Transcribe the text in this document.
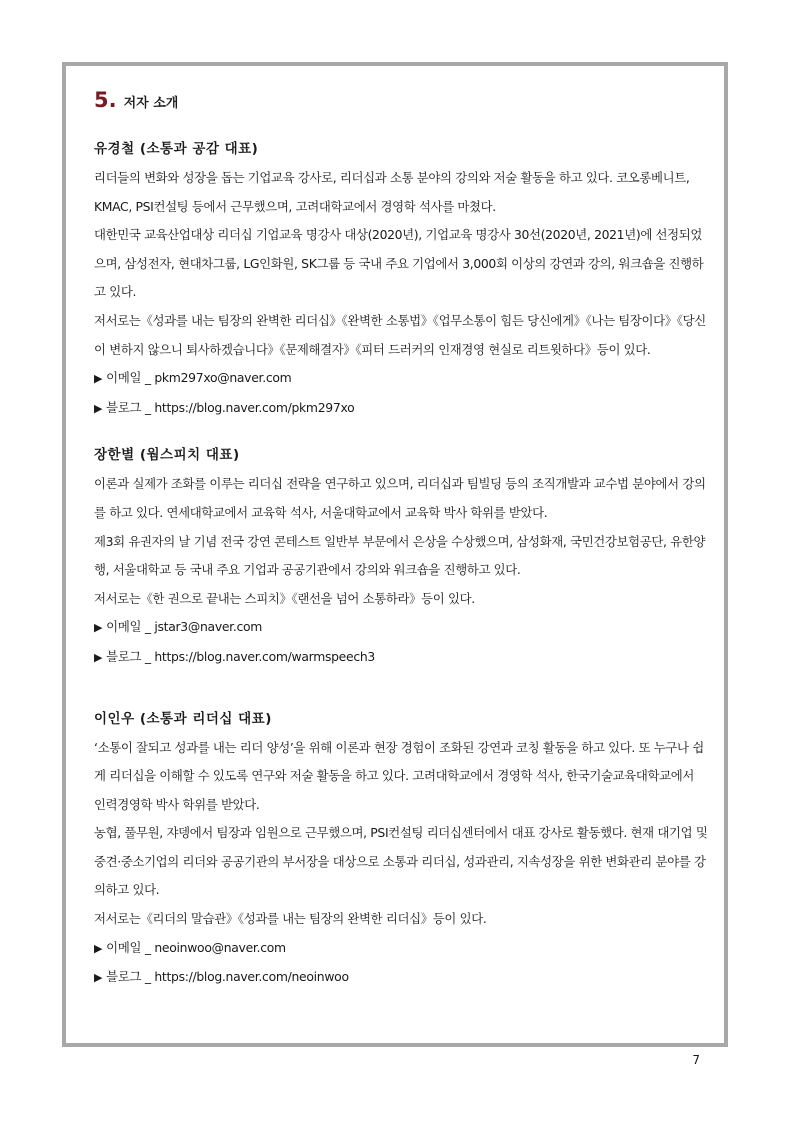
5. 저자 소개
유경철 (소통과 공감 대표)

리더들의 변화와 성장을 돕는 기업교육 강사로, 리더십과 소통 분야의 강의와 저술 활동을 하고 있다. 코오롱베니트, KMAC, PSI컨설팅 등에서 근무했으며, 고려대학교에서 경영학 석사를 마쳤다.

대한민국 교육산업대상 리더십 기업교육 명강사 대상(2020년), 기업교육 명강사 30선(2020년, 2021년)에 선정되었으며, 삼성전자, 현대차그룹, LG인화원, SK그룹 등 국내 주요 기업에서 3,000회 이상의 강연과 강의, 워크숍을 진행하고 있다.

저서로는《성과를 내는 팀장의 완벽한 리더십》《완벽한 소통법》《업무소통이 힘든 당신에게》《나는 팀장이다》《당신이 변하지 않으니 퇴사하겠습니다》《문제해결자》《피터 드러커의 인재경영 현실로 리트윗하다》등이 있다.

▶ 이메일 _ pkm297xo@naver.com
▶ 블로그 _ https://blog.naver.com/pkm297xo
장한별 (웜스피치 대표)

이론과 실제가 조화를 이루는 리더십 전략을 연구하고 있으며, 리더십과 팀빌딩 등의 조직개발과 교수법 분야에서 강의를 하고 있다. 연세대학교에서 교육학 석사, 서울대학교에서 교육학 박사 학위를 받았다.

제3회 유권자의 날 기념 전국 강연 콘테스트 일반부 부문에서 은상을 수상했으며, 삼성화재, 국민건강보험공단, 유한양행, 서울대학교 등 국내 주요 기업과 공공기관에서 강의와 워크숍을 진행하고 있다.

저서로는《한 권으로 끝내는 스피치》《랜선을 넘어 소통하라》등이 있다.

▶ 이메일 _ jstar3@naver.com
▶ 블로그 _ https://blog.naver.com/warmspeech3
이인우 (소통과 리더십 대표)

‘소통이 잘되고 성과를 내는 리더 양성’을 위해 이론과 현장 경험이 조화된 강연과 코칭 활동을 하고 있다. 또 누구나 쉽게 리더십을 이해할 수 있도록 연구와 저술 활동을 하고 있다. 고려대학교에서 경영학 석사, 한국기술교육대학교에서 인력경영학 박사 학위를 받았다.

농협, 풀무원, 쟈뎅에서 팀장과 임원으로 근무했으며, PSI컨설팅 리더십센터에서 대표 강사로 활동했다. 현재 대기업 및 중견·중소기업의 리더와 공공기관의 부서장을 대상으로 소통과 리더십, 성과관리, 지속성장을 위한 변화관리 분야를 강의하고 있다.

저서로는《리더의 말습관》《성과를 내는 팀장의 완벽한 리더십》등이 있다.

▶ 이메일 _ neoinwoo@naver.com
▶ 블로그 _ https://blog.naver.com/neoinwoo
7
